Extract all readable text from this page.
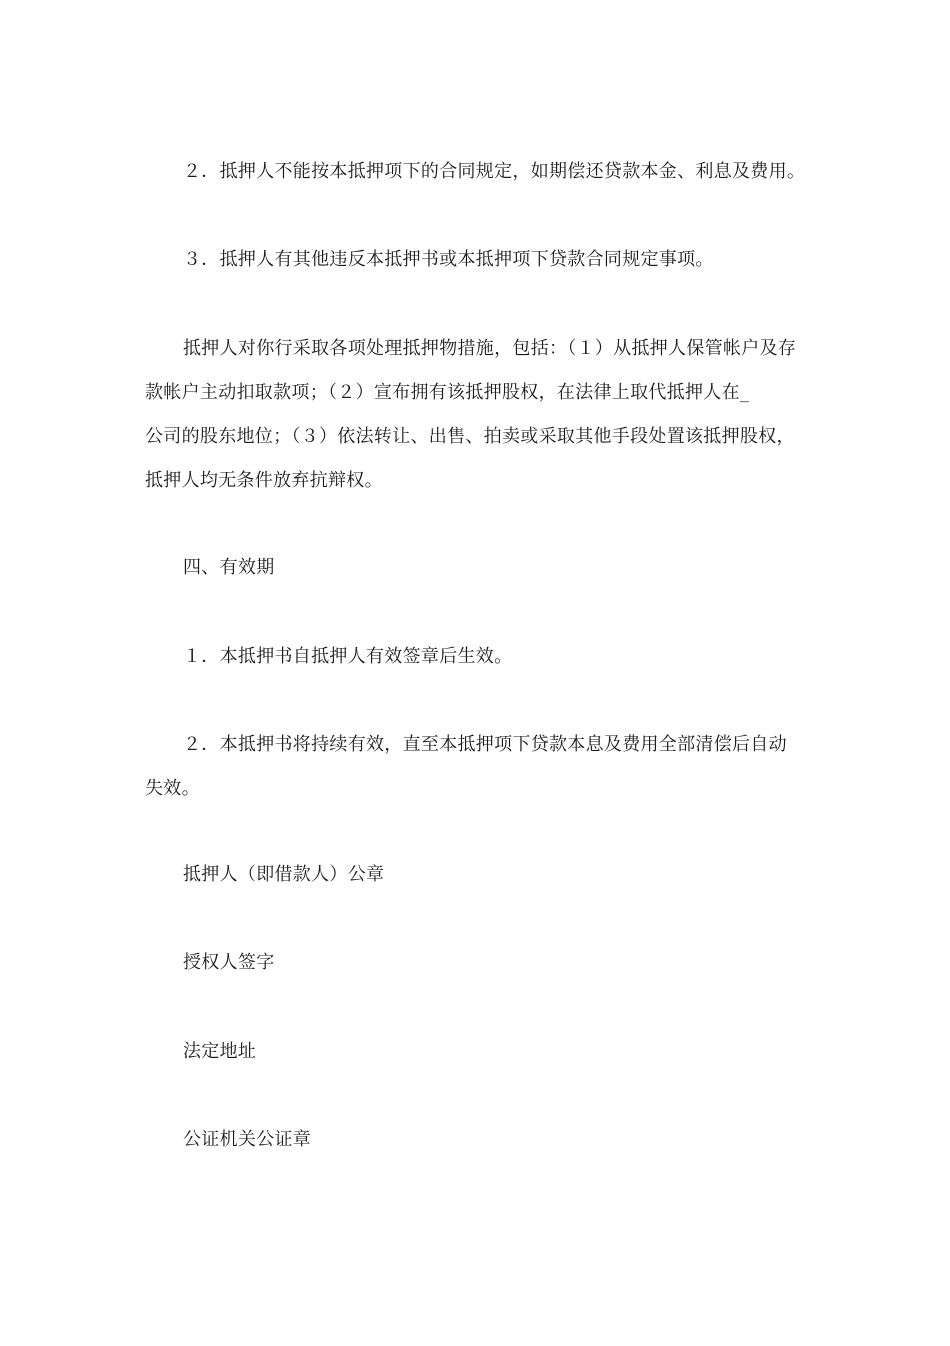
２．抵押人不能按本抵押项下的合同规定，如期偿还贷款本金、利息及费用。
３．抵押人有其他违反本抵押书或本抵押项下贷款合同规定事项。
抵押人对你行采取各项处理抵押物措施，包括：（１）从抵押人保管帐户及存
款帐户主动扣取款项；（２）宣布拥有该抵押股权，在法律上取代抵押人在_
公司的股东地位；（３）依法转让、出售、拍卖或采取其他手段处置该抵押股权，
抵押人均无条件放弃抗辩权。
四、有效期
１．本抵押书自抵押人有效签章后生效。
２．本抵押书将持续有效，直至本抵押项下贷款本息及费用全部清偿后自动
失效。
抵押人（即借款人）公章
授权人签字
法定地址
公证机关公证章
